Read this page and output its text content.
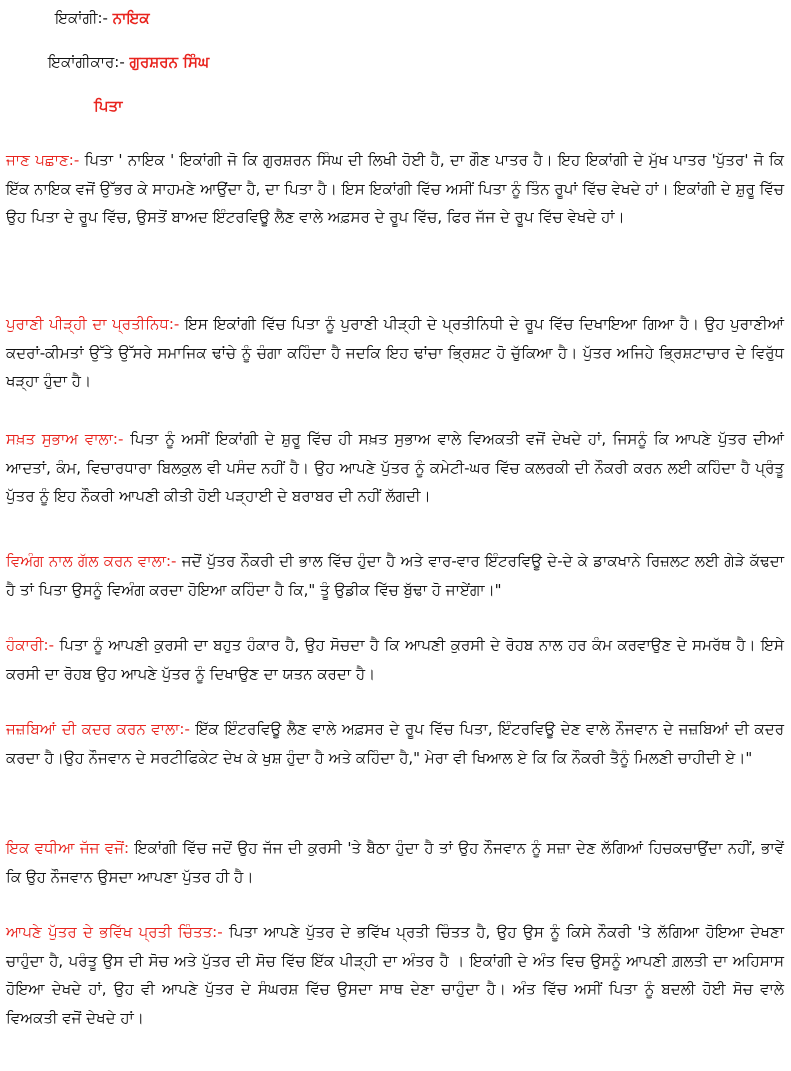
ਇਕਾਂਗੀ:- ਨਾਇਕ
ਇਕਾਂਗੀਕਾਰ:- ਗੁਰਸ਼ਰਨ ਸਿੰਘ
ਪਿਤਾ

ਜਾਣ ਪਛਾਣ:- ਪਿਤਾ ' ਨਾਇਕ ' ਇਕਾਂਗੀ ਜੋ ਕਿ ਗੁਰਸ਼ਰਨ ਸਿੰਘ ਦੀ ਲਿਖੀ ਹੋਈ ਹੈ, ਦਾ ਗੌਣ ਪਾਤਰ ਹੈ। ਇਹ ਇਕਾਂਗੀ ਦੇ ਮੁੱਖ ਪਾਤਰ 'ਪੁੱਤਰ' ਜੋ ਕਿ ਇੱਕ ਨਾਇਕ ਵਜੋਂ ਉੱਭਰ ਕੇ ਸਾਹਮਣੇ ਆਉਂਦਾ ਹੈ, ਦਾ ਪਿਤਾ ਹੈ। ਇਸ ਇਕਾਂਗੀ ਵਿੱਚ ਅਸੀਂ ਪਿਤਾ ਨੂੰ ਤਿੰਨ ਰੂਪਾਂ ਵਿੱਚ ਵੇਖਦੇ ਹਾਂ। ਇਕਾਂਗੀ ਦੇ ਸ਼ੁਰੂ ਵਿੱਚ ਉਹ ਪਿਤਾ ਦੇ ਰੂਪ ਵਿੱਚ, ਉਸਤੋਂ ਬਾਅਦ ਇੰਟਰਵਿਊ ਲੈਣ ਵਾਲੇ ਅਫ਼ਸਰ ਦੇ ਰੂਪ ਵਿੱਚ, ਫਿਰ ਜੱਜ ਦੇ ਰੂਪ ਵਿੱਚ ਵੇਖਦੇ ਹਾਂ।

ਪੁਰਾਣੀ ਪੀੜ੍ਹੀ ਦਾ ਪ੍ਰਤੀਨਿਧ:- ਇਸ ਇਕਾਂਗੀ ਵਿੱਚ ਪਿਤਾ ਨੂੰ ਪੁਰਾਣੀ ਪੀੜ੍ਹੀ ਦੇ ਪ੍ਰਤੀਨਿਧੀ ਦੇ ਰੂਪ ਵਿੱਚ ਦਿਖਾਇਆ ਗਿਆ ਹੈ। ਉਹ ਪੁਰਾਣੀਆਂ ਕਦਰਾਂ-ਕੀਮਤਾਂ ਉੱਤੇ ਉੱਸਰੇ ਸਮਾਜਿਕ ਢਾਂਚੇ ਨੂੰ ਚੰਗਾ ਕਹਿੰਦਾ ਹੈ ਜਦਕਿ ਇਹ ਢਾਂਚਾ ਭ੍ਰਿਸ਼ਟ ਹੋ ਚੁੱਕਿਆ ਹੈ। ਪੁੱਤਰ ਅਜਿਹੇ ਭ੍ਰਿਸ਼ਟਾਚਾਰ ਦੇ ਵਿਰੁੱਧ ਖੜ੍ਹਾ ਹੁੰਦਾ ਹੈ।

ਸਖ਼ਤ ਸੁਭਾਅ ਵਾਲਾ:- ਪਿਤਾ ਨੂੰ ਅਸੀਂ ਇਕਾਂਗੀ ਦੇ ਸ਼ੁਰੂ ਵਿੱਚ ਹੀ ਸਖ਼ਤ ਸੁਭਾਅ ਵਾਲੇ ਵਿਅਕਤੀ ਵਜੋਂ ਦੇਖਦੇ ਹਾਂ, ਜਿਸਨੂੰ ਕਿ ਆਪਣੇ ਪੁੱਤਰ ਦੀਆਂ ਆਦਤਾਂ, ਕੰਮ, ਵਿਚਾਰਧਾਰਾ ਬਿਲਕੁਲ ਵੀ ਪਸੰਦ ਨਹੀਂ ਹੈ। ਉਹ ਆਪਣੇ ਪੁੱਤਰ ਨੂੰ ਕਮੇਟੀ-ਘਰ ਵਿੱਚ ਕਲਰਕੀ ਦੀ ਨੌਕਰੀ ਕਰਨ ਲਈ ਕਹਿੰਦਾ ਹੈ ਪ੍ਰੰਤੂ ਪੁੱਤਰ ਨੂੰ ਇਹ ਨੌਕਰੀ ਆਪਣੀ ਕੀਤੀ ਹੋਈ ਪੜ੍ਹਾਈ ਦੇ ਬਰਾਬਰ ਦੀ ਨਹੀਂ ਲੱਗਦੀ।

ਵਿਅੰਗ ਨਾਲ ਗੱਲ ਕਰਨ ਵਾਲਾ:- ਜਦੋਂ ਪੁੱਤਰ ਨੌਕਰੀ ਦੀ ਭਾਲ ਵਿੱਚ ਹੁੰਦਾ ਹੈ ਅਤੇ ਵਾਰ-ਵਾਰ ਇੰਟਰਵਿਊ ਦੇ-ਦੇ ਕੇ ਡਾਕਖਾਨੇ ਰਿਜ਼ਲਟ ਲਈ ਗੇੜੇ ਕੱਢਦਾ ਹੈ ਤਾਂ ਪਿਤਾ ਉਸਨੂੰ ਵਿਅੰਗ ਕਰਦਾ ਹੋਇਆ ਕਹਿੰਦਾ ਹੈ ਕਿ," ਤੂੰ ਉਡੀਕ ਵਿੱਚ ਬੁੱਢਾ ਹੋ ਜਾਏਂਗਾ।"

ਹੰਕਾਰੀ:- ਪਿਤਾ ਨੂੰ ਆਪਣੀ ਕੁਰਸੀ ਦਾ ਬਹੁਤ ਹੰਕਾਰ ਹੈ, ਉਹ ਸੋਚਦਾ ਹੈ ਕਿ ਆਪਣੀ ਕੁਰਸੀ ਦੇ ਰੋਹਬ ਨਾਲ ਹਰ ਕੰਮ ਕਰਵਾਉਣ ਦੇ ਸਮਰੱਥ ਹੈ। ਇਸੇ ਕਰਸੀ ਦਾ ਰੋਹਬ ਉਹ ਆਪਣੇ ਪੁੱਤਰ ਨੂੰ ਦਿਖਾਉਣ ਦਾ ਯਤਨ ਕਰਦਾ ਹੈ।

ਜਜ਼ਬਿਆਂ ਦੀ ਕਦਰ ਕਰਨ ਵਾਲਾ:- ਇੱਕ ਇੰਟਰਵਿਊ ਲੈਣ ਵਾਲੇ ਅਫ਼ਸਰ ਦੇ ਰੂਪ ਵਿੱਚ ਪਿਤਾ, ਇੰਟਰਵਿਊ ਦੇਣ ਵਾਲੇ ਨੌਜਵਾਨ ਦੇ ਜਜ਼ਬਿਆਂ ਦੀ ਕਦਰ ਕਰਦਾ ਹੈ।ਉਹ ਨੌਜਵਾਨ ਦੇ ਸਰਟੀਫਿਕੇਟ ਦੇਖ ਕੇ ਖੁਸ਼ ਹੁੰਦਾ ਹੈ ਅਤੇ ਕਹਿੰਦਾ ਹੈ," ਮੇਰਾ ਵੀ ਖਿਆਲ ਏ ਕਿ ਕਿ ਨੌਕਰੀ ਤੈਨੂੰ ਮਿਲਣੀ ਚਾਹੀਦੀ ਏ।"

ਇਕ ਵਧੀਆ ਜੱਜ ਵਜੋਂ: ਇਕਾਂਗੀ ਵਿੱਚ ਜਦੋਂ ਉਹ ਜੱਜ ਦੀ ਕੁਰਸੀ 'ਤੇ ਬੈਠਾ ਹੁੰਦਾ ਹੈ ਤਾਂ ਉਹ ਨੌਜਵਾਨ ਨੂੰ ਸਜ਼ਾ ਦੇਣ ਲੱਗਿਆਂ ਹਿਚਕਚਾਉਂਦਾ ਨਹੀਂ, ਭਾਵੇਂ ਕਿ ਉਹ ਨੌਜਵਾਨ ਉਸਦਾ ਆਪਣਾ ਪੁੱਤਰ ਹੀ ਹੈ।

ਆਪਣੇ ਪੁੱਤਰ ਦੇ ਭਵਿੱਖ ਪ੍ਰਤੀ ਚਿੰਤਤ:- ਪਿਤਾ ਆਪਣੇ ਪੁੱਤਰ ਦੇ ਭਵਿੱਖ ਪ੍ਰਤੀ ਚਿੰਤਤ ਹੈ, ਉਹ ਉਸ ਨੂੰ ਕਿਸੇ ਨੌਕਰੀ 'ਤੇ ਲੱਗਿਆ ਹੋਇਆ ਦੇਖਣਾ ਚਾਹੁੰਦਾ ਹੈ, ਪਰੰਤੂ ਉਸ ਦੀ ਸੋਚ ਅਤੇ ਪੁੱਤਰ ਦੀ ਸੋਚ ਵਿੱਚ ਇੱਕ ਪੀੜ੍ਹੀ ਦਾ ਅੰਤਰ ਹੈ । ਇਕਾਂਗੀ ਦੇ ਅੰਤ ਵਿਚ ਉਸਨੂੰ ਆਪਣੀ ਗ਼ਲਤੀ ਦਾ ਅਹਿਸਾਸ ਹੋਇਆ ਦੇਖਦੇ ਹਾਂ, ਉਹ ਵੀ ਆਪਣੇ ਪੁੱਤਰ ਦੇ ਸੰਘਰਸ਼ ਵਿੱਚ ਉਸਦਾ ਸਾਥ ਦੇਣਾ ਚਾਹੁੰਦਾ ਹੈ। ਅੰਤ ਵਿੱਚ ਅਸੀਂ ਪਿਤਾ ਨੂੰ ਬਦਲੀ ਹੋਈ ਸੋਚ ਵਾਲੇ ਵਿਅਕਤੀ ਵਜੋਂ ਦੇਖਦੇ ਹਾਂ।
